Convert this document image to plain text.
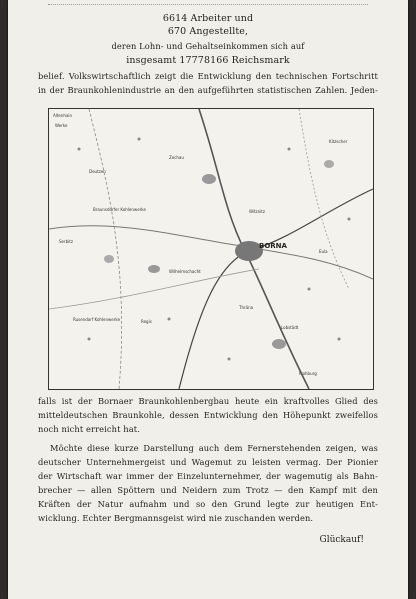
6614 Arbeiter und
670 Angestellte,
deren Lohn- und Gehaltseinkommen sich auf
insgesamt 17778166 Reichsmark
belief. Volkswirtschaftlich zeigt die Entwicklung den technischen Fortschritt
in der Braunkohlenindustrie an den aufgeführten statistischen Zahlen. Jeden-
Altenhain
Werke
Deutzen
Braunsdorfer Kohlenwerke
Zechau
Serbitz
Rusendorf Kohlenwerke
Wilhelmschacht
Regis
Witznitz
BORNA
Eula
Thräna
Lobstädt
Frohburg
Kitzscher
falls ist der Bornaer Braunkohlenbergbau heute ein kraftvolles Glied des
mitteldeutschen Braunkohle, dessen Entwicklung den Höhepunkt zweifellos
noch nicht erreicht hat.
Möchte diese kurze Darstellung auch dem Fernerstehenden zeigen, was
deutscher Unternehmergeist und Wagemut zu leisten vermag. Der Pionier
der Wirtschaft war immer der Einzelunternehmer, der wagemutig als Bahn-
brecher — allen Spöttern und Neidern zum Trotz — den Kampf mit den
Kräften der Natur aufnahm und so den Grund legte zur heutigen Ent-
wicklung. Echter Bergmannsgeist wird nie zuschanden werden.
Glückauf!
